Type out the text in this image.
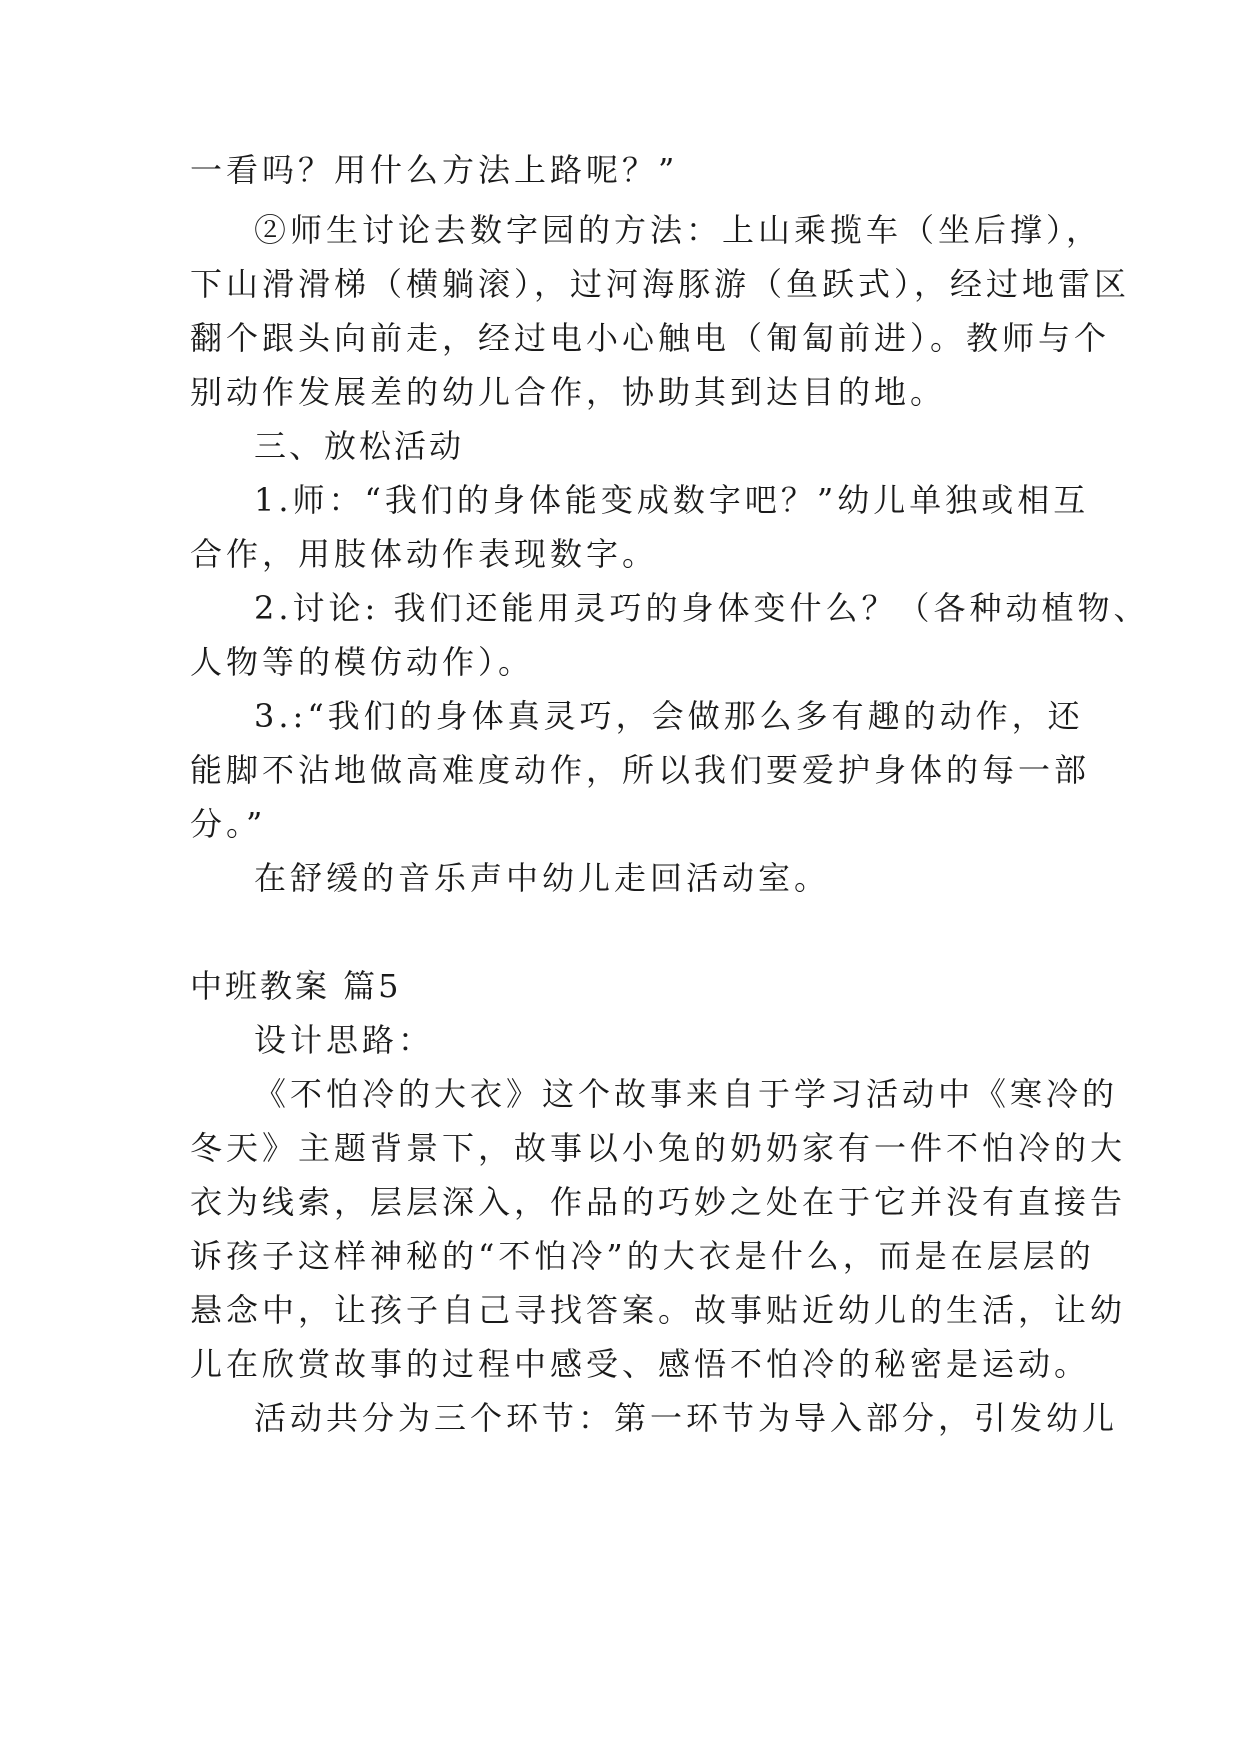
一看吗？用什么方法上路呢？”
②师生讨论去数字园的方法：上山乘揽车（坐后撑），
下山滑滑梯（横躺滚），过河海豚游（鱼跃式），经过地雷区
翻个跟头向前走，经过电小心触电（匍匐前进）。教师与个
别动作发展差的幼儿合作，协助其到达目的地。
三、放松活动
1.师：“我们的身体能变成数字吧？”幼儿单独或相互
合作，用肢体动作表现数字。
2.讨论: 我们还能用灵巧的身体变什么？（各种动植物、
人物等的模仿动作）。
3.:“我们的身体真灵巧，会做那么多有趣的动作，还
能脚不沾地做高难度动作，所以我们要爱护身体的每一部
分。”
在舒缓的音乐声中幼儿走回活动室。
中班教案 篇5
设计思路：
《不怕冷的大衣》这个故事来自于学习活动中《寒冷的
冬天》主题背景下，故事以小兔的奶奶家有一件不怕冷的大
衣为线索，层层深入，作品的巧妙之处在于它并没有直接告
诉孩子这样神秘的“不怕冷”的大衣是什么，而是在层层的
悬念中，让孩子自己寻找答案。故事贴近幼儿的生活，让幼
儿在欣赏故事的过程中感受、感悟不怕冷的秘密是运动。
活动共分为三个环节：第一环节为导入部分，引发幼儿
